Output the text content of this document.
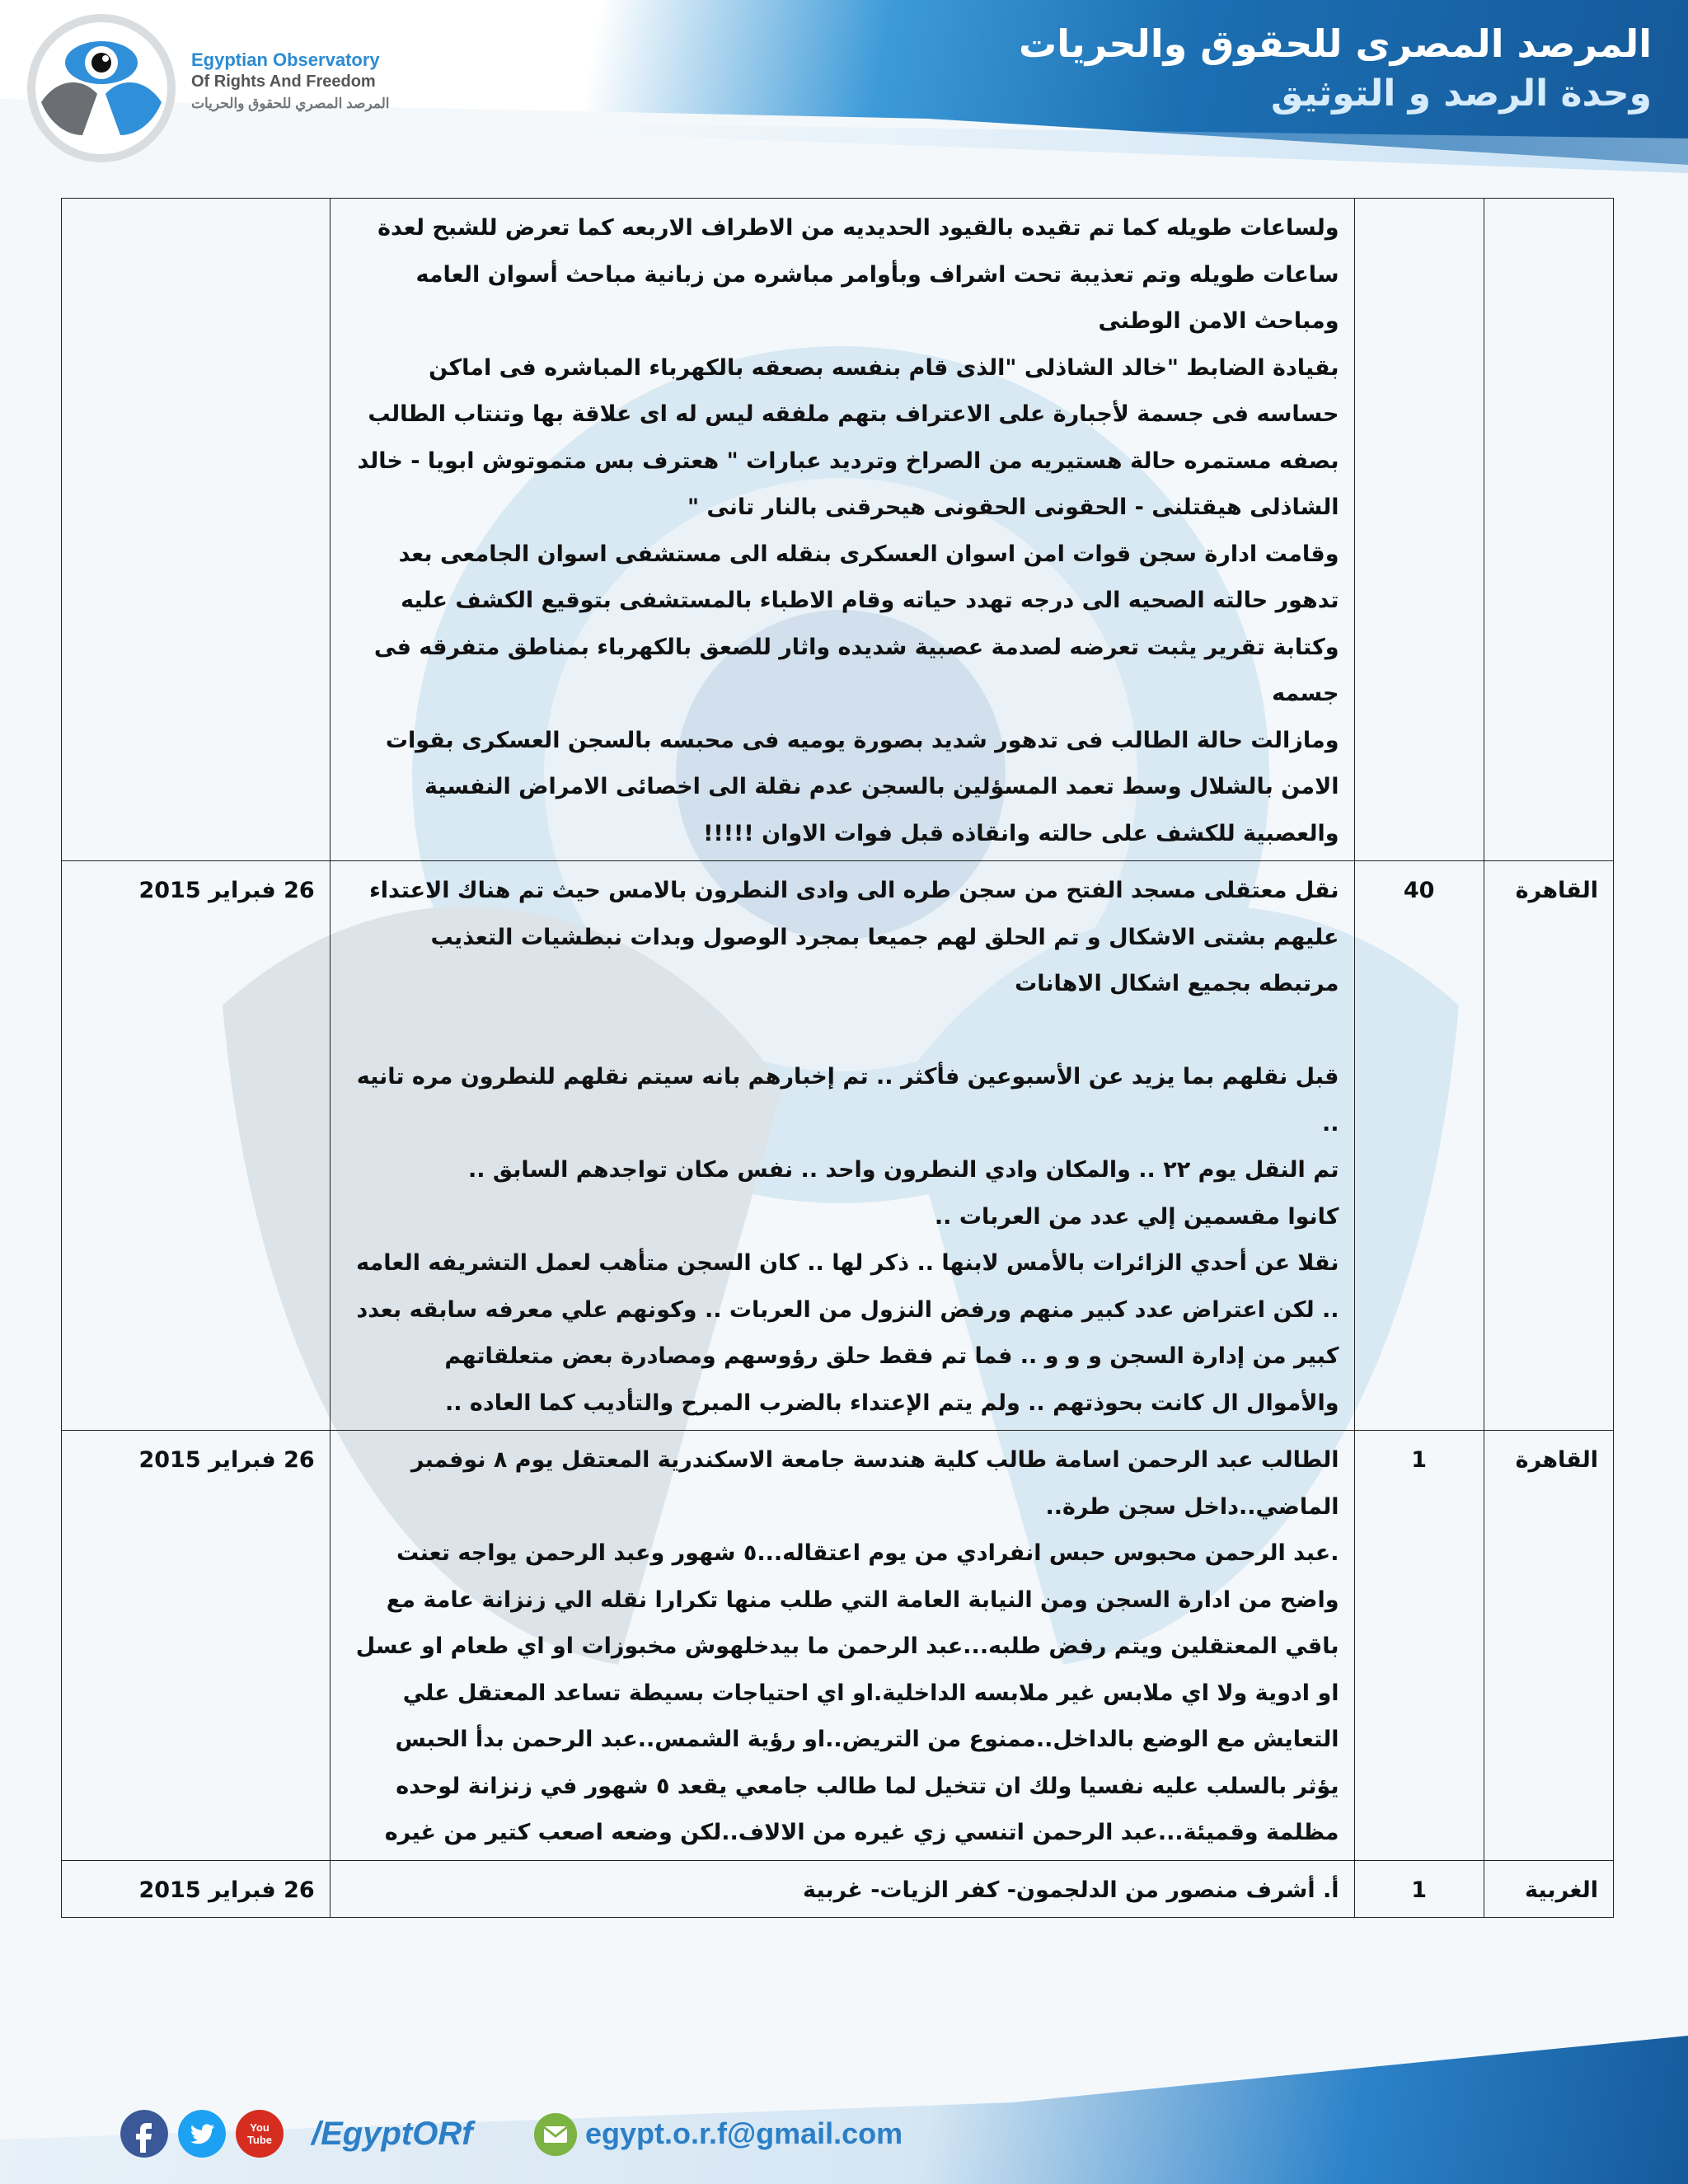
Egyptian Observatory
Of Rights And Freedom
المرصد المصري للحقوق والحريات
المرصد المصرى للحقوق والحريات
وحدة الرصد و التوثيق

		ولساعات طويله كما تم تقيده بالقيود الحديديه من الاطراف الاربعه كما تعرض للشبح لعدة ساعات طويله وتم تعذيبة تحت اشراف وبأوامر مباشره من زبانية مباحث أسوان العامه ومباحث الامن الوطنى
بقيادة الضابط "خالد الشاذلى "الذى قام بنفسه بصعقه بالكهرباء المباشره فى اماكن حساسه فى جسمة لأجبارة على الاعتراف بتهم ملفقه ليس له اى علاقة بها وتنتاب الطالب بصفه مستمره حالة هستيريه من الصراخ وترديد عبارات " هعترف بس متموتوش ابويا - خالد الشاذلى هيقتلنى - الحقونى الحقونى هيحرقنى بالنار تانى "
وقامت ادارة سجن قوات امن اسوان العسكرى بنقله الى مستشفى اسوان الجامعى بعد تدهور حالته الصحيه الى درجه تهدد حياته وقام الاطباء بالمستشفى بتوقيع الكشف عليه وكتابة تقرير يثبت تعرضه لصدمة عصبية شديده واثار للصعق بالكهرباء بمناطق متفرقه فى جسمه
ومازالت حالة الطالب فى تدهور شديد بصورة يوميه فى محبسه بالسجن العسكرى بقوات الامن بالشلال وسط تعمد المسؤلين بالسجن عدم نقلة الى اخصائى الامراض النفسية والعصبية للكشف على حالته وانقاذه قبل فوات الاوان !!!!!	

القاهرة	40	نقل معتقلى مسجد الفتح من سجن طره الى وادى النطرون بالامس حيث تم هناك الاعتداء عليهم بشتى الاشكال و تم الحلق لهم جميعا بمجرد الوصول وبدات نبطشيات التعذيب مرتبطه بجميع اشكال الاهانات
قبل نقلهم بما يزيد عن الأسبوعين فأكثر .. تم إخبارهم بانه سيتم نقلهم للنطرون مره تانيه ..
تم النقل يوم ٢٢ .. والمكان وادي النطرون واحد .. نفس مكان تواجدهم السابق ..
كانوا مقسمين إلي عدد من العربات ..
نقلا عن أحدي الزائرات بالأمس لابنها .. ذكر لها .. كان السجن متأهب لعمل التشريفه العامه .. لكن اعتراض عدد كبير منهم ورفض النزول من العربات .. وكونهم علي معرفه سابقه بعدد كبير من إدارة السجن و و و .. فما تم فقط حلق رؤوسهم ومصادرة بعض متعلقاتهم والأموال ال كانت بحوذتهم .. ولم يتم الإعتداء بالضرب المبرح والتأديب كما العاده ..	26 فبراير 2015
القاهرة	1	الطالب عبد الرحمن اسامة طالب كلية هندسة جامعة الاسكندرية المعتقل يوم ٨ نوفمبر الماضي..داخل سجن طرة..
.عبد الرحمن محبوس حبس انفرادي من يوم اعتقاله...٥ شهور وعبد الرحمن يواجه تعنت واضح من ادارة السجن ومن النيابة العامة التي طلب منها تكرارا نقله الي زنزانة عامة مع باقي المعتقلين ويتم رفض طلبه...عبد الرحمن ما بيدخلهوش مخبوزات او اي طعام او عسل او ادوية ولا اي ملابس غير ملابسه الداخلية.او اي احتياجات بسيطة تساعد المعتقل علي التعايش مع الوضع بالداخل..ممنوع من التريض..او رؤية الشمس..عبد الرحمن بدأ الحبس يؤثر بالسلب عليه نفسيا ولك ان تتخيل لما طالب جامعي يقعد ٥ شهور في زنزانة لوحده مظلمة وقميئة...عبد الرحمن اتنسي زي غيره من الالاف..لكن وضعه اصعب كتير من غيره	26 فبراير 2015
الغربية	1	أ. أشرف منصور من الدلجمون- كفر الزيات- غربية	26 فبراير 2015
You Tube /EgyptORf	egypt.o.r.f@gmail.com
